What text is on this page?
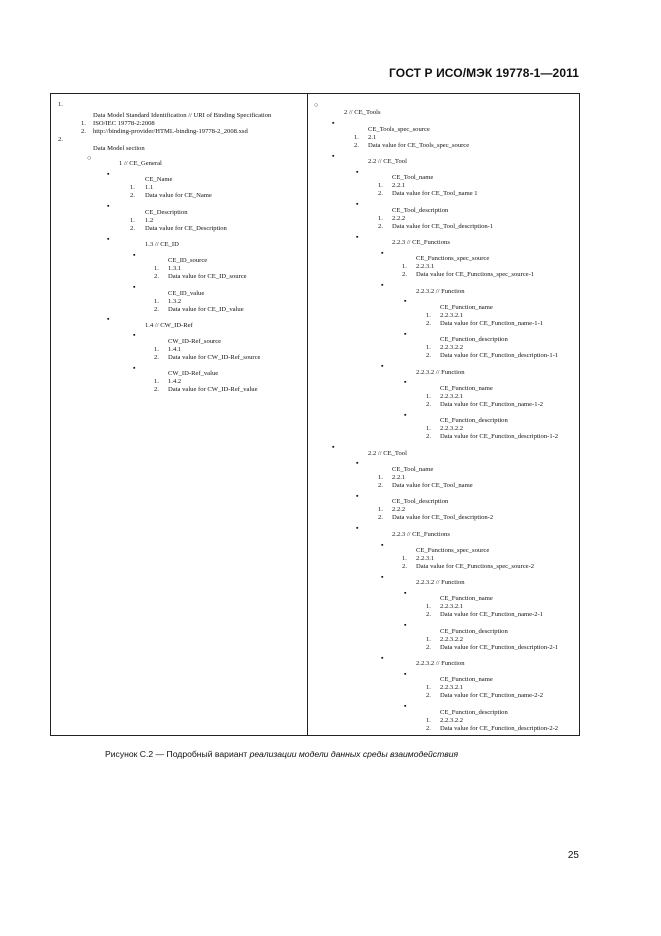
ГОСТ Р ИСО/МЭК 19778-1—2011
1.
Data Model Standard Identification // URI of Binding Specification
1. ISO/IEC 19778-2:2008
2. http://binding-provider/HTML-binding-19778-2_2008.xsd
2.
Data Model section
○
1 // CE_General
▪
CE_Name
1. 1.1
2. Data value for CE_Name
▪
CE_Description
1. 1.2
2. Data value for CE_Description
▪
1.3 // CE_ID
▪
CE_ID_source
1. 1.3.1
2. Data value for CE_ID_source
▪
CE_ID_value
1. 1.3.2
2. Data value for CE_ID_value
▪
1.4 // CW_ID-Ref
▪
CW_ID-Ref_source
1. 1.4.1
2. Data value for CW_ID-Ref_source
▪
CW_ID-Ref_value
1. 1.4.2
2. Data value for CW_ID-Ref_value
○
2 // CE_Tools
▪
CE_Tools_spec_source
1. 2.1
2. Data value for CE_Tools_spec_source
▪
2.2 // CE_Tool
▪
CE_Tool_name
1. 2.2.1
2. Data value for CE_Tool_name 1
▪
CE_Tool_description
1. 2.2.2
2. Data value for CE_Tool_description-1
▪
2.2.3 // CE_Functions
▪
CE_Functions_spec_source
1. 2.2.3.1
2. Data value for CE_Functions_spec_source-1
▪
2.2.3.2 // Function
▪
CE_Function_name
1. 2.2.3.2.1
2. Data value for CE_Function_name-1-1
▪
CE_Function_description
1. 2.2.3.2.2
2. Data value for CE_Function_description-1-1
▪
2.2.3.2 // Function
▪
CE_Function_name
1. 2.2.3.2.1
2. Data value for CE_Function_name-1-2
▪
CE_Function_description
1. 2.2.3.2.2
2. Data value for CE_Function_description-1-2
▪
2.2 // CE_Tool
▪
CE_Tool_name
1. 2.2.1
2. Data value for CE_Tool_name
▪
CE_Tool_description
1. 2.2.2
2. Data value for CE_Tool_description-2
▪
2.2.3 // CE_Functions
▪
CE_Functions_spec_source
1. 2.2.3.1
2. Data value for CE_Functions_spec_source-2
▪
2.2.3.2 // Function
▪
CE_Function_name
1. 2.2.3.2.1
2. Data value for CE_Function_name-2-1
▪
CE_Function_description
1. 2.2.3.2.2
2. Data value for CE_Function_description-2-1
▪
2.2.3.2 // Function
▪
CE_Function_name
1. 2.2.3.2.1
2. Data value for CE_Function_name-2-2
▪
CE_Function_description
1. 2.2.3.2.2
2. Data value for CE_Function_description-2-2
Рисунок С.2 — Подробный вариант реализации модели данных среды взаимодействия
25
